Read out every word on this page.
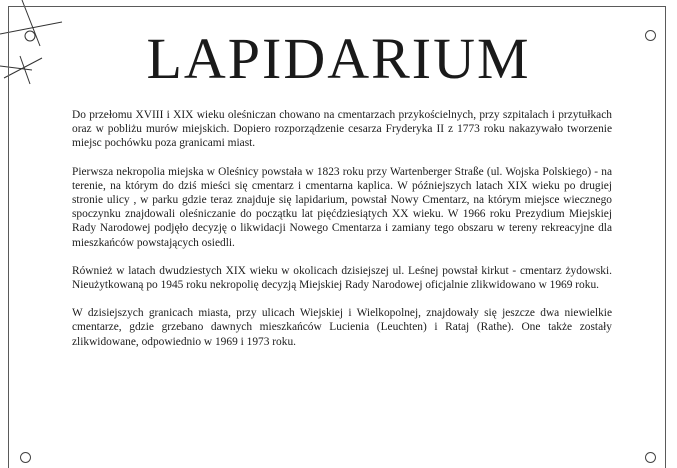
LAPIDARIUM

Do przełomu XVIII i XIX wieku oleśniczan chowano na cmentarzach przykościelnych, przy szpitalach i przytułkach oraz w pobliżu murów miejskich. Dopiero rozporządzenie cesarza Fryderyka II z 1773 roku nakazywało tworzenie miejsc pochówku poza granicami miast.

Pierwsza nekropolia miejska w Oleśnicy powstała w 1823 roku przy Wartenberger Straße (ul. Wojska Polskiego) - na terenie, na którym do dziś mieści się cmentarz i cmentarna kaplica. W późniejszych latach XIX wieku po drugiej stronie ulicy , w parku gdzie teraz znajduje się lapidarium, powstał Nowy Cmentarz, na którym miejsce wiecznego spoczynku znajdowali oleśniczanie do początku lat pięćdziesiątych XX wieku. W 1966 roku Prezydium Miejskiej Rady Narodowej podjęło decyzję o likwidacji Nowego Cmentarza i zamiany tego obszaru w tereny rekreacyjne dla mieszkańców powstających osiedli.

Również w latach dwudziestych XIX wieku w okolicach dzisiejszej ul. Leśnej powstał kirkut - cmentarz żydowski. Nieużytkowaną po 1945 roku nekropolię decyzją Miejskiej Rady Narodowej oficjalnie zlikwidowano w 1969 roku.

W dzisiejszych granicach miasta, przy ulicach Wiejskiej i Wielkopolnej, znajdowały się jeszcze dwa niewielkie cmentarze, gdzie grzebano dawnych mieszkańców Lucienia (Leuchten) i Rataj (Rathe). One także zostały zlikwidowane, odpowiednio w 1969 i 1973 roku.
